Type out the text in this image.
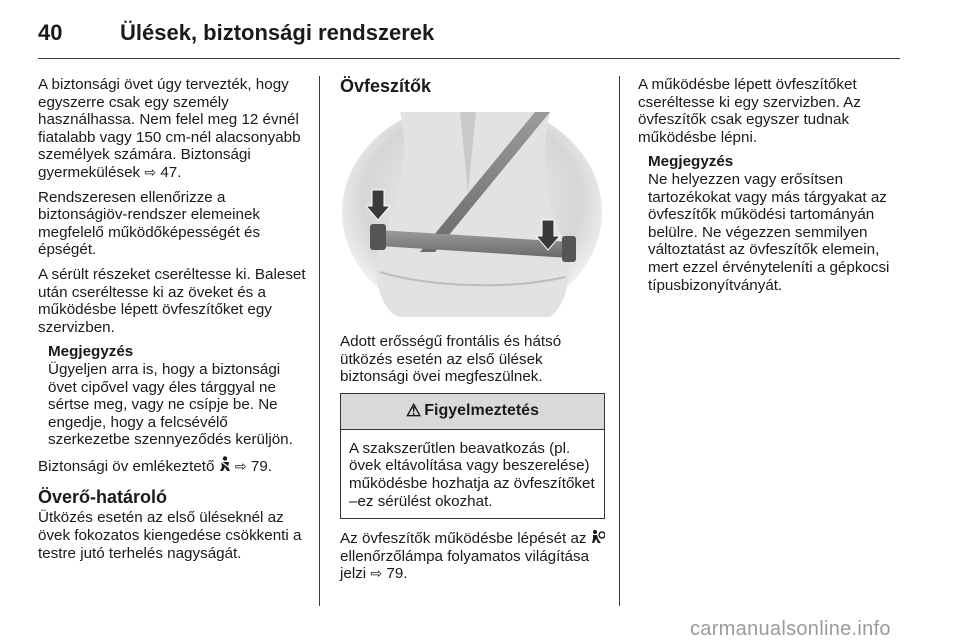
40	Ülések, biztonsági rendszerek

A biztonsági övet úgy tervezték, hogy egyszerre csak egy személy használhassa. Nem felel meg 12 évnél fiatalabb vagy 150 cm-nél alacsonyabb személyek számára. Biztonsági gyermekülések ⇨ 47.

Rendszeresen ellenőrizze a biztonságiöv-rendszer elemeinek megfelelő működőképességét és épségét.

A sérült részeket cseréltesse ki. Baleset után cseréltesse ki az öveket és a működésbe lépett övfeszítőket egy szervizben.

Megjegyzés

Ügyeljen arra is, hogy a biztonsági övet cipővel vagy éles tárggyal ne sértse meg, vagy ne csípje be. Ne engedje, hogy a felcsévélő szerkezetbe szennyeződés kerüljön.

Biztonsági öv emlékeztető ⇨ 79.

Överő-határoló

Ütközés esetén az első üléseknél az övek fokozatos kiengedése csökkenti a testre jutó terhelés nagyságát.

Övfeszítők

Adott erősségű frontális és hátsó ütközés esetén az első ülések biztonsági övei megfeszülnek.

⚠ Figyelmeztetés
A szakszerűtlen beavatkozás (pl. övek eltávolítása vagy beszerelése) működésbe hozhatja az övfeszítőket –ez sérülést okozhat.

Az övfeszítők működésbe lépését az  ellenőrzőlámpa folyamatos világítása jelzi ⇨ 79.

A működésbe lépett övfeszítőket cseréltesse ki egy szervizben. Az övfeszítők csak egyszer tudnak működésbe lépni.

Megjegyzés

Ne helyezzen vagy erősítsen tartozékokat vagy más tárgyakat az övfeszítők működési tartományán belülre. Ne végezzen semmilyen változtatást az övfeszítők elemein, mert ezzel érvényteleníti a gépkocsi típusbizonyítványát.

carmanualsonline.info
